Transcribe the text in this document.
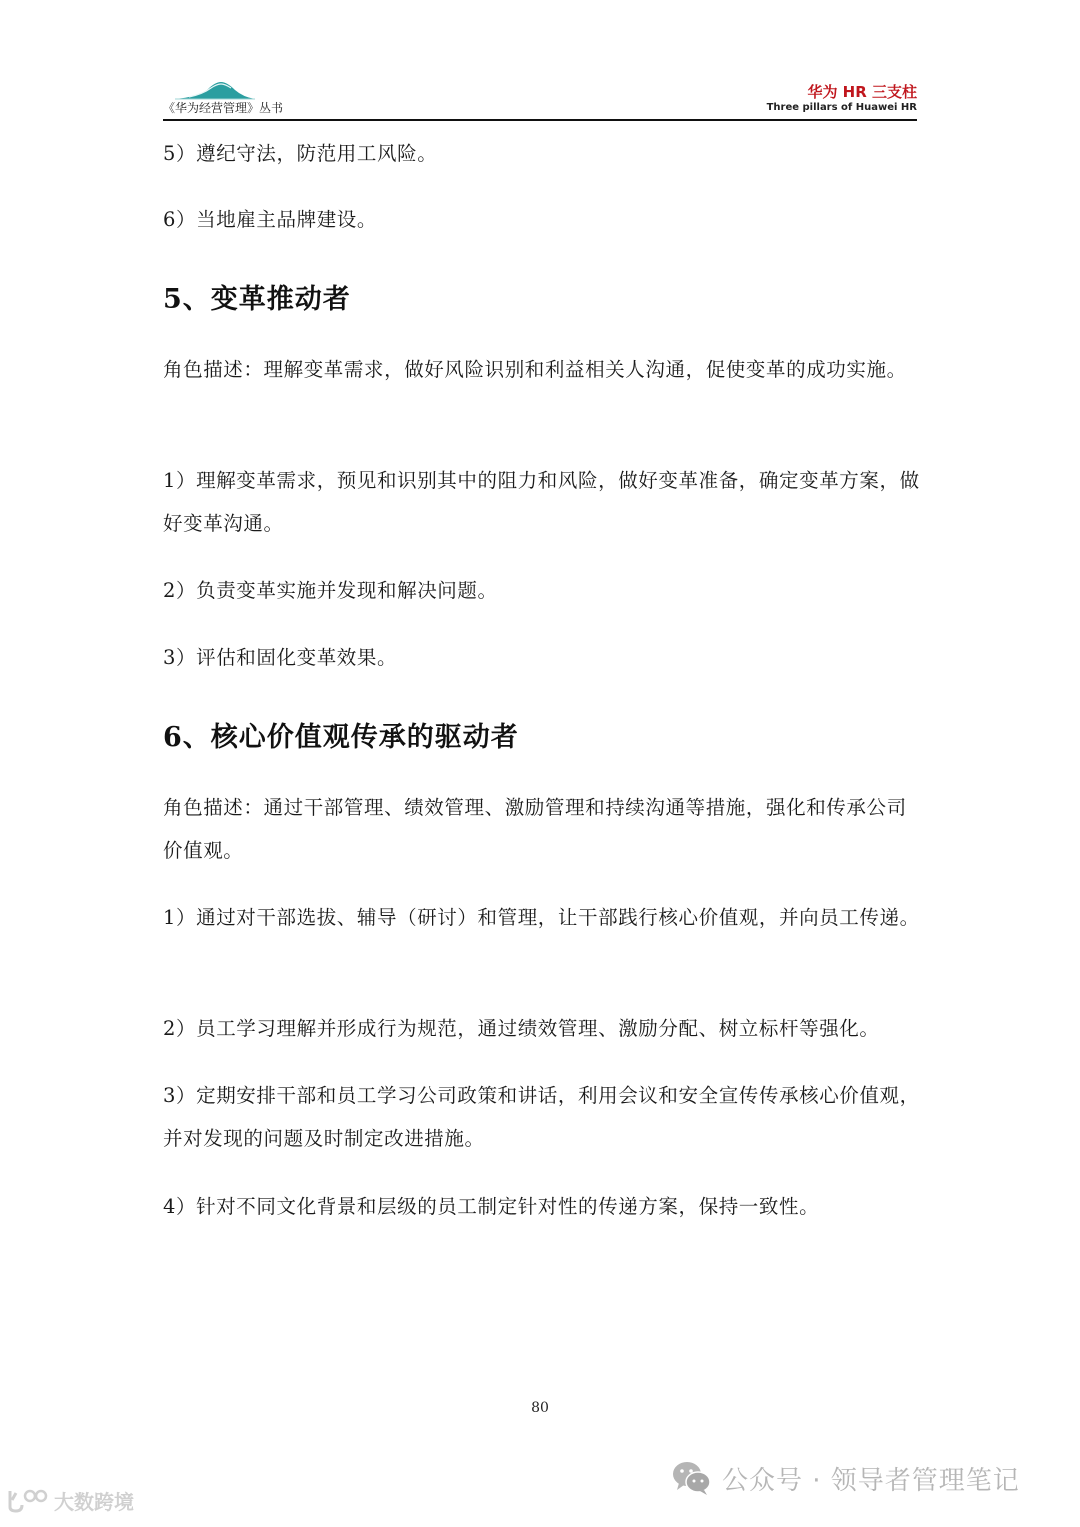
《华为经营管理》丛书
华为 HR 三支柱
Three pillars of Huawei HR
5）遵纪守法，防范用工风险。
6）当地雇主品牌建设。
5、变革推动者
角色描述：理解变革需求，做好风险识别和利益相关人沟通，促使变革的成功实施。
1）理解变革需求，预见和识别其中的阻力和风险，做好变革准备，确定变革方案，做好变革沟通。
2）负责变革实施并发现和解决问题。
3）评估和固化变革效果。
6、核心价值观传承的驱动者
角色描述：通过干部管理、绩效管理、激励管理和持续沟通等措施，强化和传承公司价值观。
1）通过对干部选拔、辅导（研讨）和管理，让干部践行核心价值观，并向员工传递。
2）员工学习理解并形成行为规范，通过绩效管理、激励分配、树立标杆等强化。
3）定期安排干部和员工学习公司政策和讲话，利用会议和安全宣传传承核心价值观，并对发现的问题及时制定改进措施。
4）针对不同文化背景和层级的员工制定针对性的传递方案，保持一致性。
80
公众号 · 领导者管理笔记
大数跨境
